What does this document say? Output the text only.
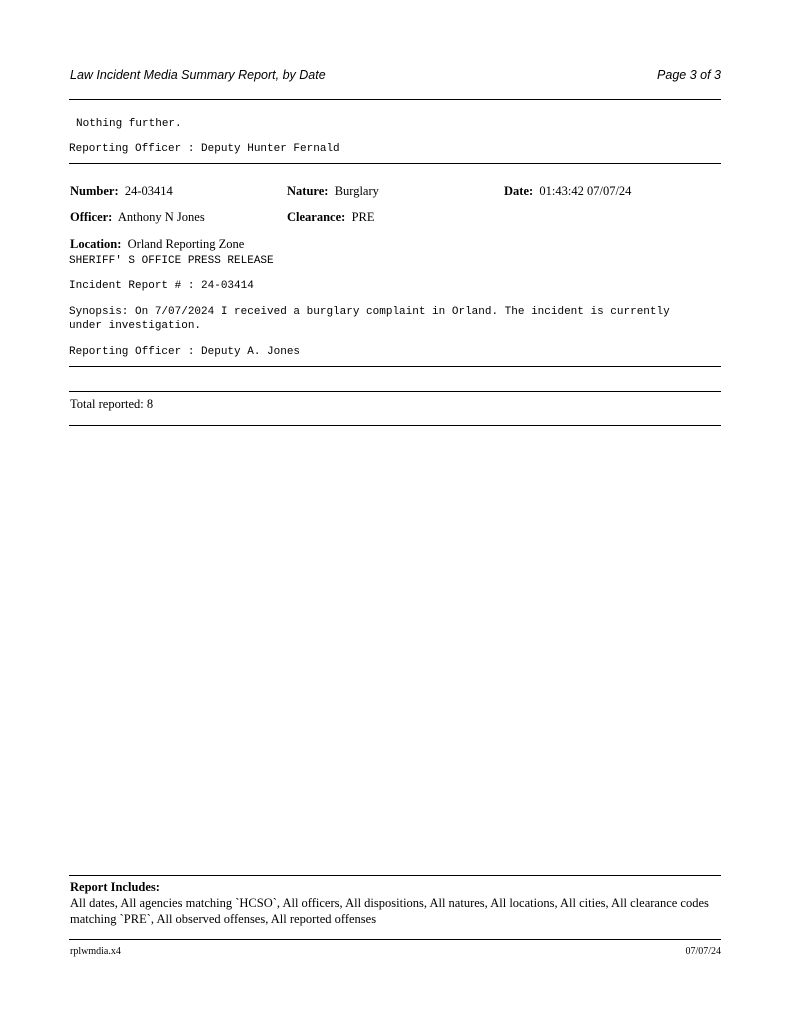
Law Incident Media Summary Report, by Date	Page 3 of 3
Nothing further.
Reporting Officer : Deputy Hunter Fernald
Number: 24-03414	Nature: Burglary	Date: 01:43:42 07/07/24
Officer: Anthony N Jones	Clearance: PRE
Location: Orland Reporting Zone
SHERIFF' S OFFICE PRESS RELEASE
Incident Report # : 24-03414
Synopsis: On 7/07/2024 I received a burglary complaint in Orland. The incident is currently
under investigation.
Reporting Officer : Deputy A. Jones
Total reported: 8
Report Includes:
All dates, All agencies matching `HCSO`, All officers, All dispositions, All natures, All locations, All cities, All clearance codes matching `PRE`, All observed offenses, All reported offenses
rplwmdia.x4	07/07/24
